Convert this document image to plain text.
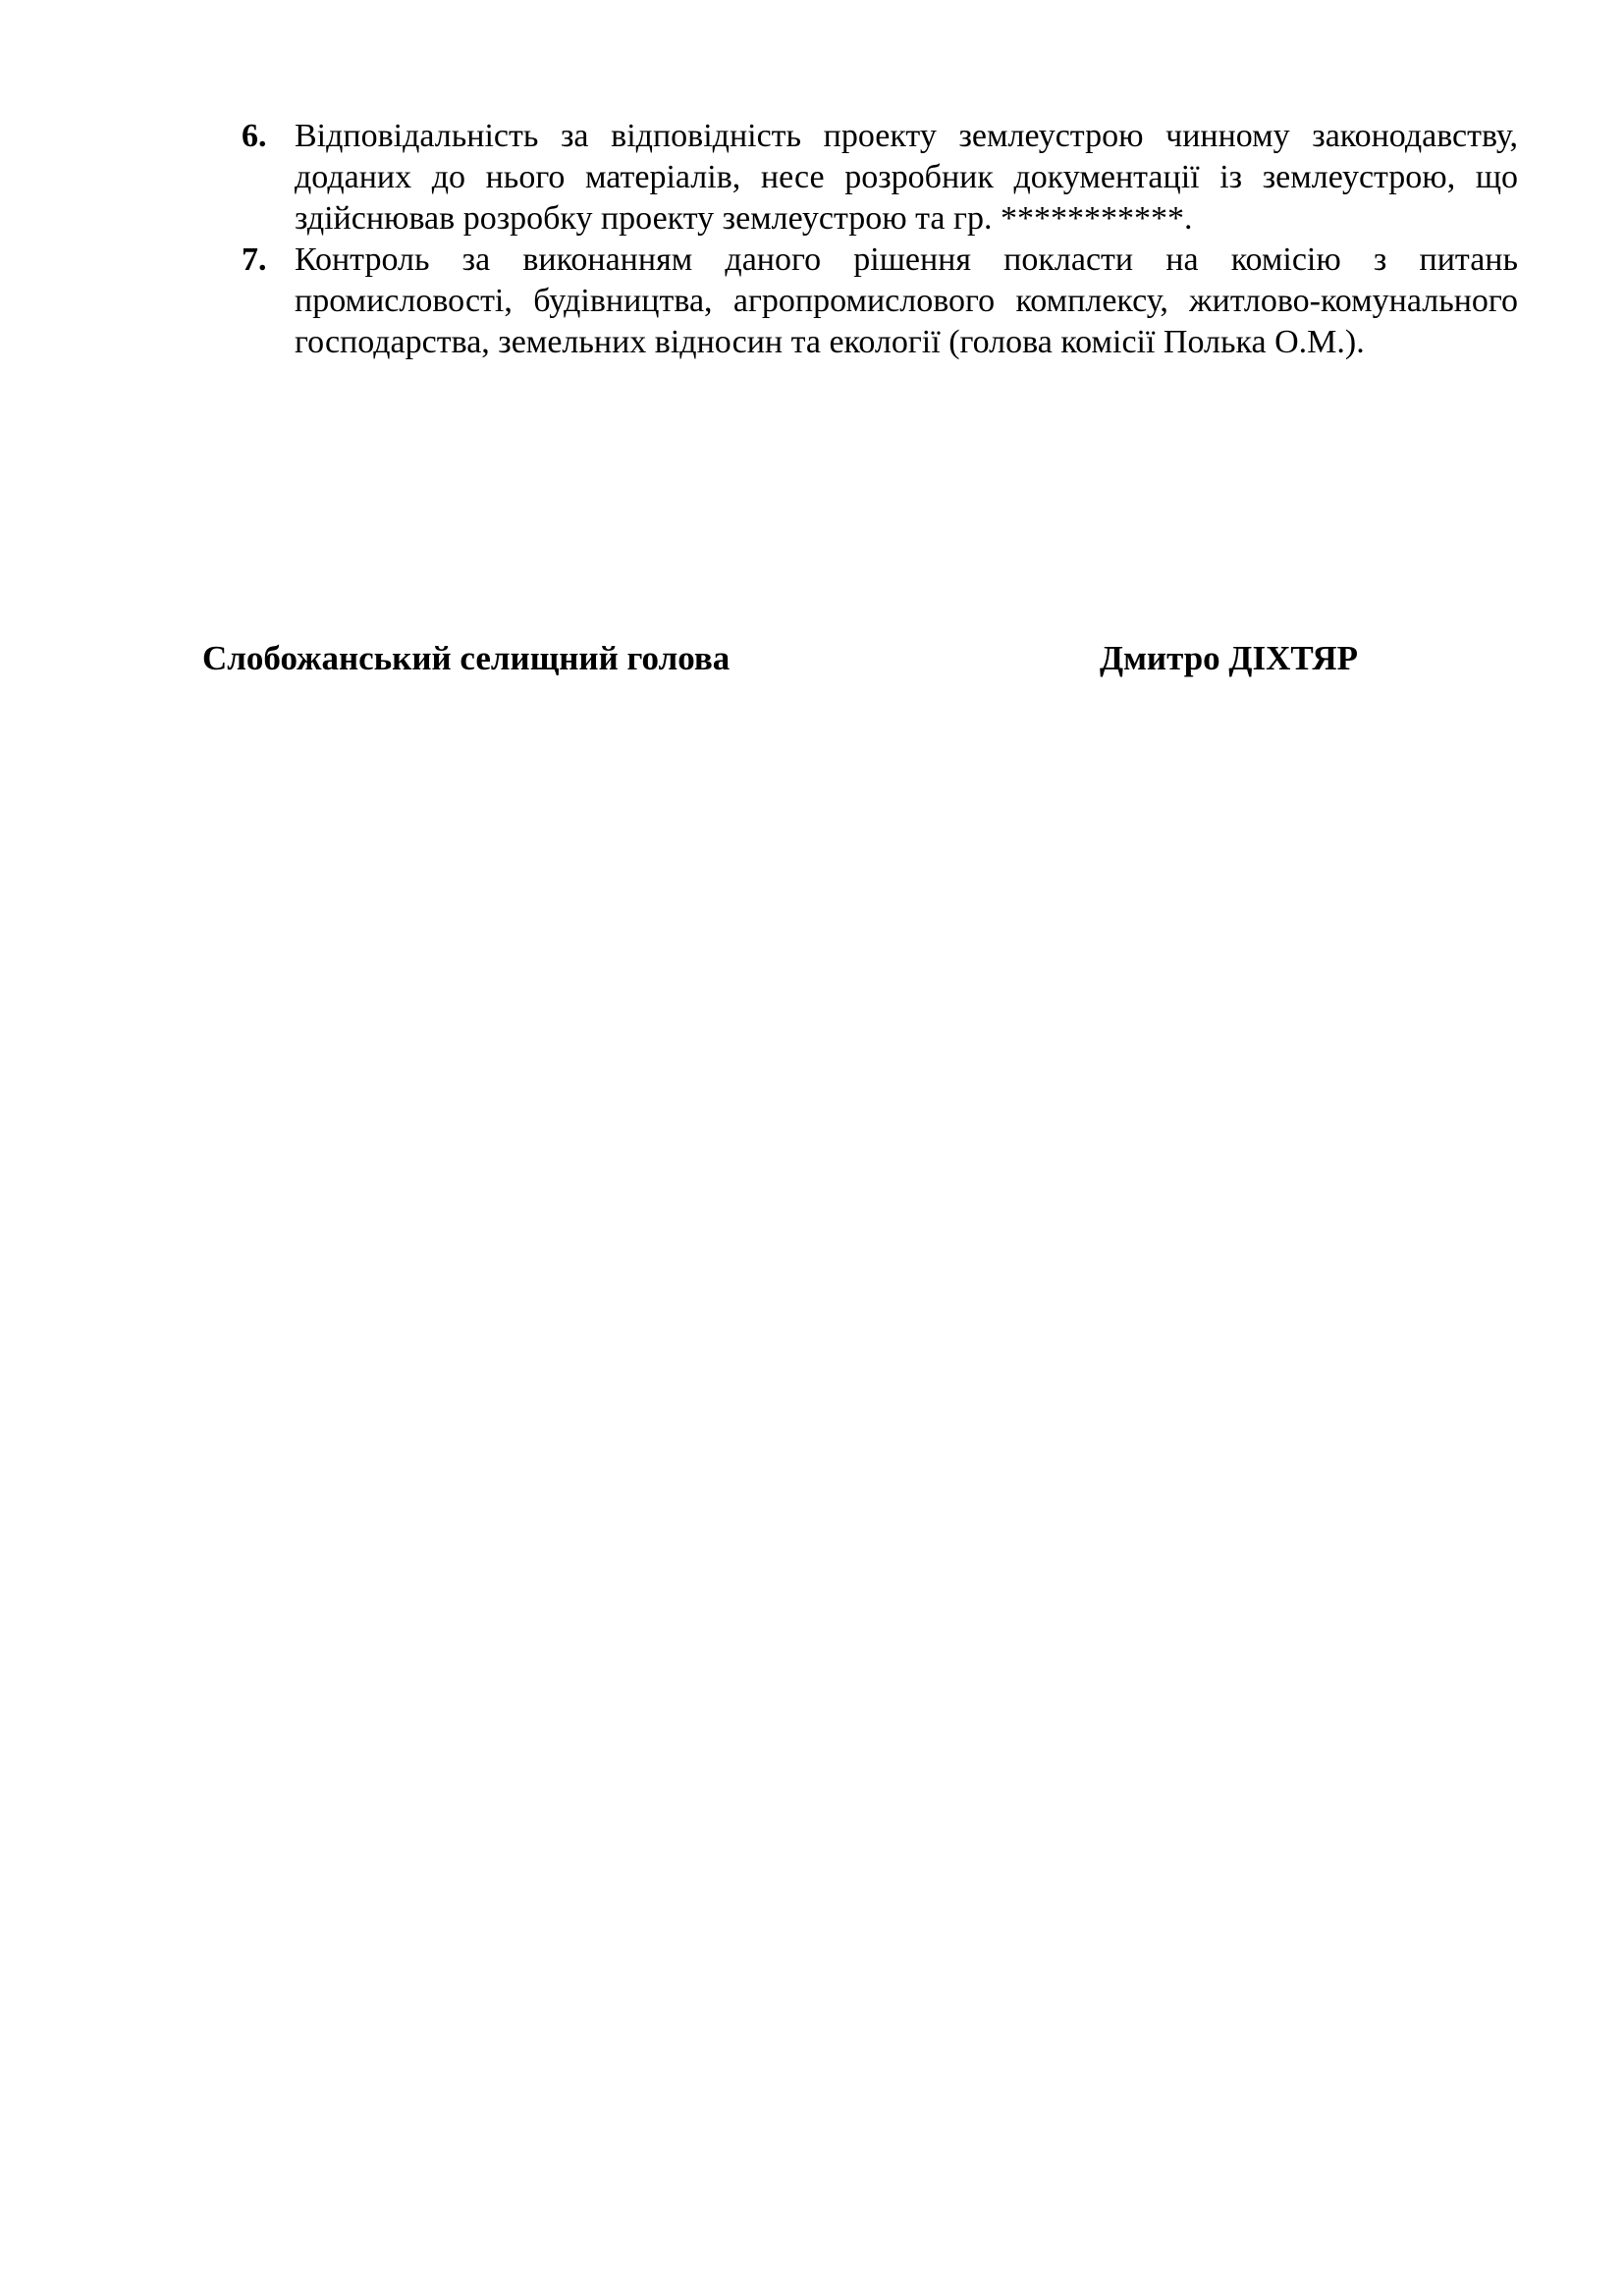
6. Відповідальність за відповідність проекту землеустрою чинному законодавству, доданих до нього матеріалів, несе розробник документації із землеустрою, що здійснював розробку проекту землеустрою та гр. ***********.
7. Контроль за виконанням даного рішення покласти на комісію з питань промисловості, будівництва, агропромислового комплексу, житлово-комунального господарства, земельних відносин та екології (голова комісії Полька О.М.).
Слобожанський селищний голова	Дмитро ДІХТЯР
